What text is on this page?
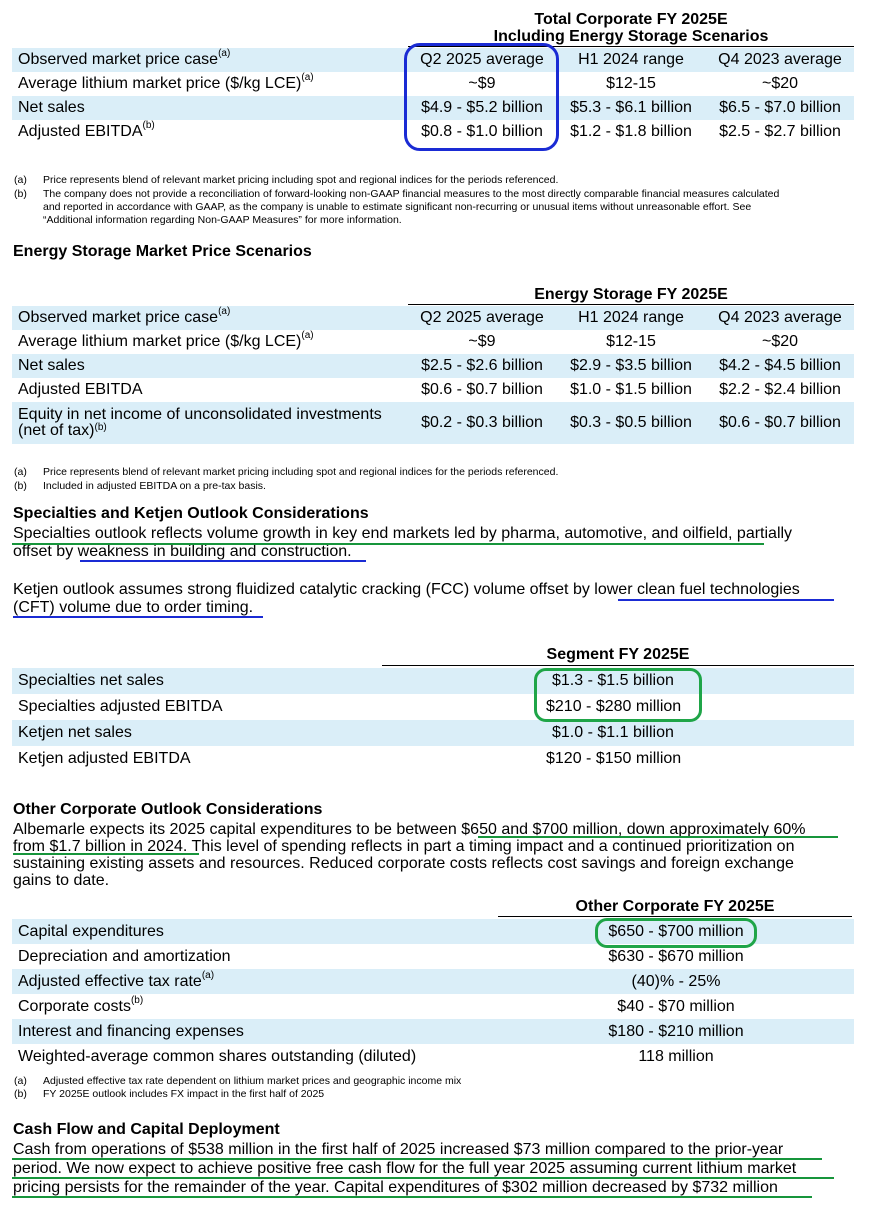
Total Corporate FY 2025E
Including Energy Storage Scenarios
Observed market price case$^{(a)}$	Q2 2025 average	H1 2024 range	Q4 2023 average
Average lithium market price ($/kg LCE)$^{(a)}$	~$9	$12-15	~$20
Net sales	$4.9 - $5.2 billion	$5.3 - $6.1 billion	$6.5 - $7.0 billion
Adjusted EBITDA$^{(b)}$	$0.8 - $1.0 billion	$1.2 - $1.8 billion	$2.5 - $2.7 billion
(a) Price represents blend of relevant market pricing including spot and regional indices for the periods referenced.
(b) The company does not provide a reconciliation of forward-looking non-GAAP financial measures to the most directly comparable financial measures calculated
and reported in accordance with GAAP, as the company is unable to estimate significant non-recurring or unusual items without unreasonable effort. See
“Additional information regarding Non-GAAP Measures” for more information.
Energy Storage Market Price Scenarios
Energy Storage FY 2025E
Observed market price case$^{(a)}$	Q2 2025 average	H1 2024 range	Q4 2023 average
Average lithium market price ($/kg LCE)$^{(a)}$	~$9	$12-15	~$20
Net sales	$2.5 - $2.6 billion	$2.9 - $3.5 billion	$4.2 - $4.5 billion
Adjusted EBITDA	$0.6 - $0.7 billion	$1.0 - $1.5 billion	$2.2 - $2.4 billion

Equity in net income of unconsolidated investments
(net of tax)$^{(b)}$	$0.2 - $0.3 billion	$0.3 - $0.5 billion	$0.6 - $0.7 billion
(a) Price represents blend of relevant market pricing including spot and regional indices for the periods referenced.
(b) Included in adjusted EBITDA on a pre-tax basis.
Specialties and Ketjen Outlook Considerations
Specialties outlook reflects volume growth in key end markets led by pharma, automotive, and oilfield, partially
offset by weakness in building and construction.
Ketjen outlook assumes strong fluidized catalytic cracking (FCC) volume offset by lower clean fuel technologies
(CFT) volume due to order timing.
Segment FY 2025E
Specialties net sales	$1.3 - $1.5 billion
Specialties adjusted EBITDA	$210 - $280 million
Ketjen net sales	$1.0 - $1.1 billion
Ketjen adjusted EBITDA	$120 - $150 million
Other Corporate Outlook Considerations
Albemarle expects its 2025 capital expenditures to be between $650 and $700 million, down approximately 60%
from $1.7 billion in 2024. This level of spending reflects in part a timing impact and a continued prioritization on
sustaining existing assets and resources. Reduced corporate costs reflects cost savings and foreign exchange
gains to date.
Other Corporate FY 2025E
Capital expenditures	$650 - $700 million
Depreciation and amortization	$630 - $670 million
Adjusted effective tax rate$^{(a)}$	(40)% - 25%
Corporate costs$^{(b)}$	$40 - $70 million
Interest and financing expenses	$180 - $210 million
Weighted-average common shares outstanding (diluted)	118 million
(a) Adjusted effective tax rate dependent on lithium market prices and geographic income mix
(b) FY 2025E outlook includes FX impact in the first half of 2025
Cash Flow and Capital Deployment
Cash from operations of $538 million in the first half of 2025 increased $73 million compared to the prior-year
period. We now expect to achieve positive free cash flow for the full year 2025 assuming current lithium market
pricing persists for the remainder of the year. Capital expenditures of $302 million decreased by $732 million
